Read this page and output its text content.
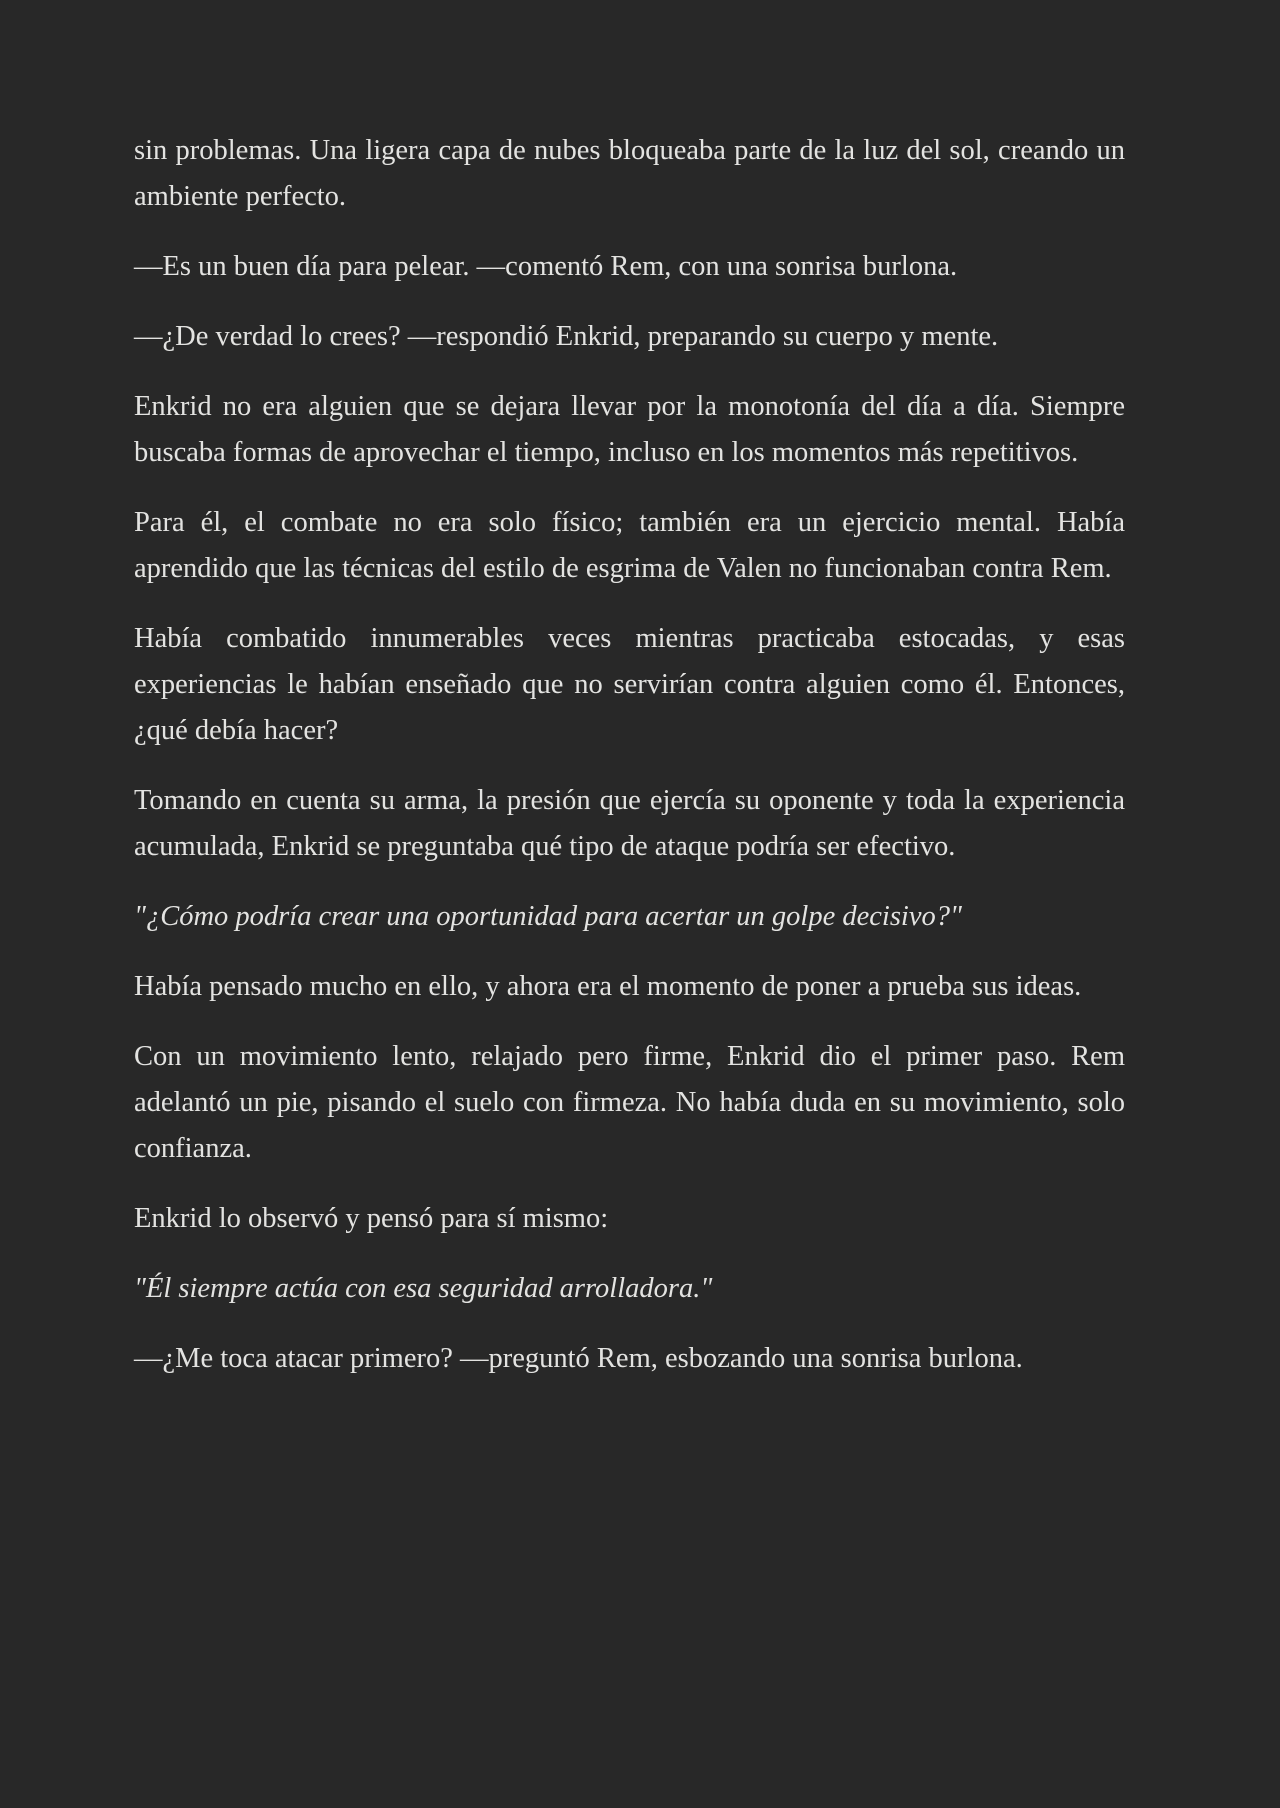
sin problemas. Una ligera capa de nubes bloqueaba parte de la luz del sol, creando un ambiente perfecto.

—Es un buen día para pelear. —comentó Rem, con una sonrisa burlona.

—¿De verdad lo crees? —respondió Enkrid, preparando su cuerpo y mente.

Enkrid no era alguien que se dejara llevar por la monotonía del día a día. Siempre buscaba formas de aprovechar el tiempo, incluso en los momentos más repetitivos.

Para él, el combate no era solo físico; también era un ejercicio mental. Había aprendido que las técnicas del estilo de esgrima de Valen no funcionaban contra Rem.

Había combatido innumerables veces mientras practicaba estocadas, y esas experiencias le habían enseñado que no servirían contra alguien como él. Entonces, ¿qué debía hacer?

Tomando en cuenta su arma, la presión que ejercía su oponente y toda la experiencia acumulada, Enkrid se preguntaba qué tipo de ataque podría ser efectivo.

"¿Cómo podría crear una oportunidad para acertar un golpe decisivo?"

Había pensado mucho en ello, y ahora era el momento de poner a prueba sus ideas.

Con un movimiento lento, relajado pero firme, Enkrid dio el primer paso. Rem adelantó un pie, pisando el suelo con firmeza. No había duda en su movimiento, solo confianza.

Enkrid lo observó y pensó para sí mismo:

"Él siempre actúa con esa seguridad arrolladora."

—¿Me toca atacar primero? —preguntó Rem, esbozando una sonrisa burlona.
